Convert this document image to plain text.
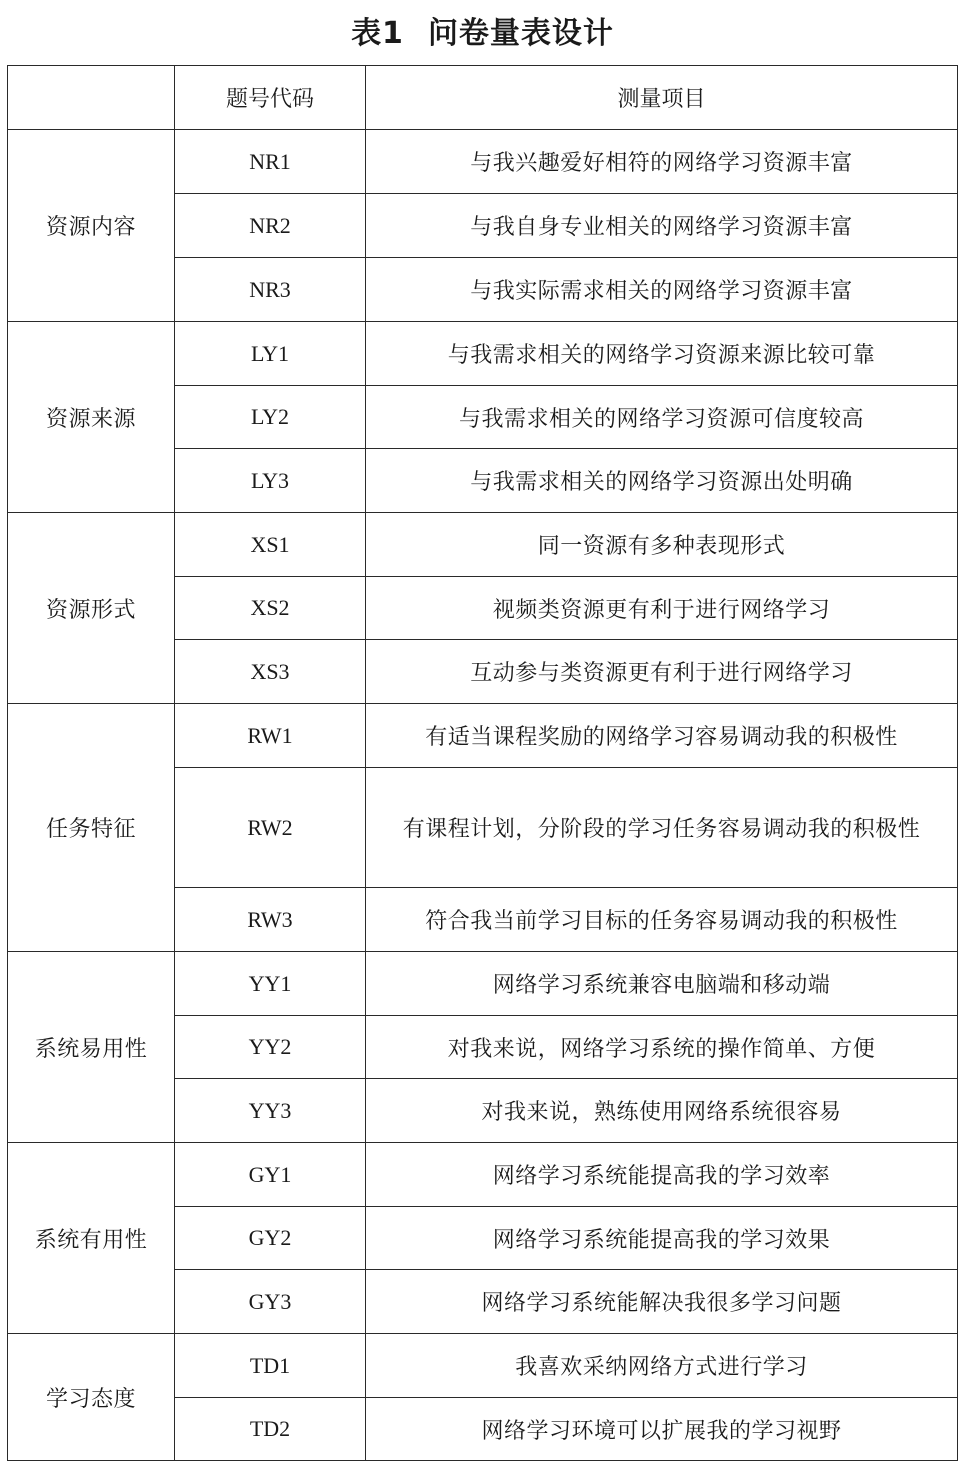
表1 问卷量表设计
	题号代码	测量项目
资源内容	NR1	与我兴趣爱好相符的网络学习资源丰富
	NR2	与我自身专业相关的网络学习资源丰富
	NR3	与我实际需求相关的网络学习资源丰富
资源来源	LY1	与我需求相关的网络学习资源来源比较可靠
	LY2	与我需求相关的网络学习资源可信度较高
	LY3	与我需求相关的网络学习资源出处明确
资源形式	XS1	同一资源有多种表现形式
	XS2	视频类资源更有利于进行网络学习
	XS3	互动参与类资源更有利于进行网络学习
任务特征	RW1	有适当课程奖励的网络学习容易调动我的积极性
	RW2	有课程计划，分阶段的学习任务容易调动我的积极性
	RW3	符合我当前学习目标的任务容易调动我的积极性
系统易用性	YY1	网络学习系统兼容电脑端和移动端
	YY2	对我来说，网络学习系统的操作简单、方便
	YY3	对我来说，熟练使用网络系统很容易
系统有用性	GY1	网络学习系统能提高我的学习效率
	GY2	网络学习系统能提高我的学习效果
	GY3	网络学习系统能解决我很多学习问题
学习态度	TD1	我喜欢采纳网络方式进行学习
	TD2	网络学习环境可以扩展我的学习视野
